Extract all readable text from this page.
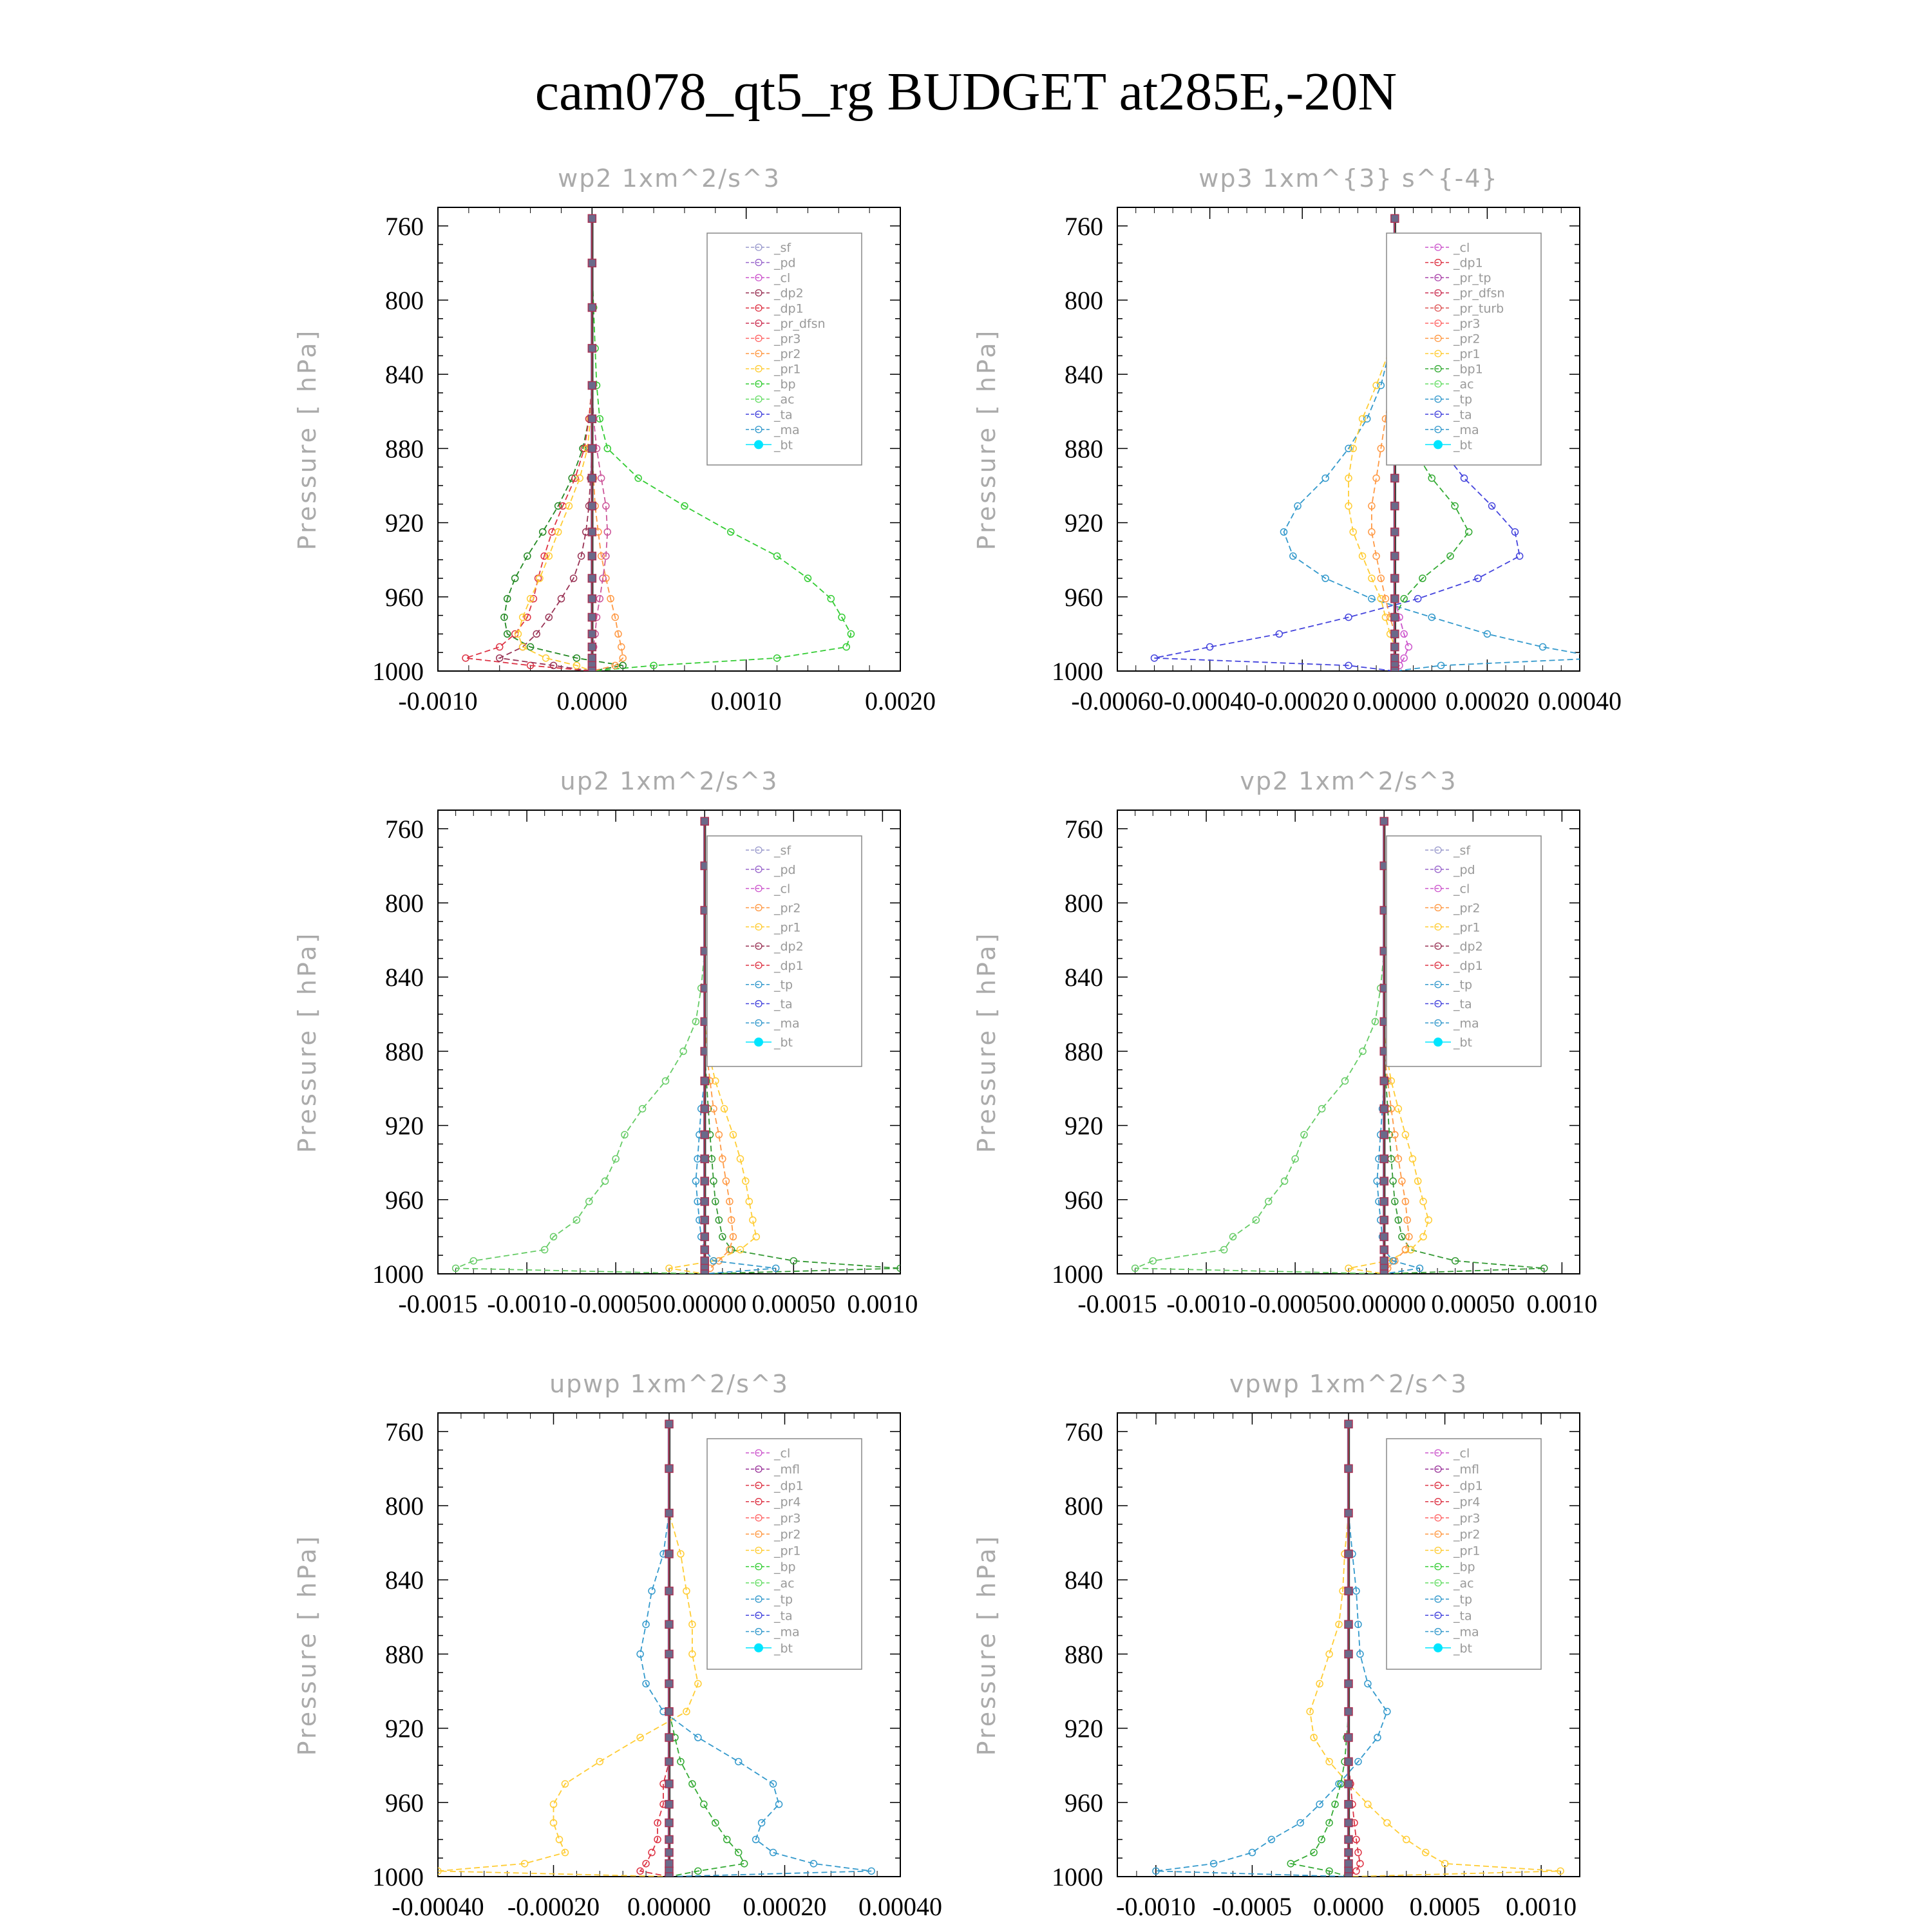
cam078_qt5_rg BUDGET at285E,-20N
wp2 1xm^2/s^3
Pressure [ hPa]
760
800
840
880
920
960
1000
-0.0010	0.0000	0.0010	0.0020
_sf
_pd
_cl
_dp2
_dp1
_pr_dfsn
_pr3
_pr2
_pr1
_bp
_ac
_ta
_ma
_bt
wp3 1xm^{3} s^{-4}
Pressure [ hPa]
760
800
840
880
920
960
1000
-0.00060 -0.00040 -0.00020 0.00000 0.00020 0.00040
_cl
_dp1
_pr_tp
_pr_dfsn
_pr_turb
_pr3
_pr2
_pr1
_bp1
_ac
_tp
_ta
_ma
_bt
up2 1xm^2/s^3
Pressure [ hPa]
760
800
840
880
920
960
1000
-0.0015 -0.0010 -0.00050 0.00000 0.00050 0.0010
_sf
_pd
_cl
_pr2
_pr1
_dp2
_dp1
_tp
_ta
_ma
_bt
vp2 1xm^2/s^3
Pressure [ hPa]
760
800
840
880
920
960
1000
-0.0015 -0.0010 -0.00050 0.00000 0.00050 0.0010
_sf
_pd
_cl
_pr2
_pr1
_dp2
_dp1
_tp
_ta
_ma
_bt
upwp 1xm^2/s^3
Pressure [ hPa]
760
800
840
880
920
960
1000
-0.00040 -0.00020 0.00000 0.00020 0.00040
_cl
_mfl
_dp1
_pr4
_pr3
_pr2
_pr1
_bp
_ac
_tp
_ta
_ma
_bt
vpwp 1xm^2/s^3
Pressure [ hPa]
760
800
840
880
920
960
1000
-0.0010 -0.0005 0.0000 0.0005 0.0010
_cl
_mfl
_dp1
_pr4
_pr3
_pr2
_pr1
_bp
_ac
_tp
_ta
_ma
_bt
